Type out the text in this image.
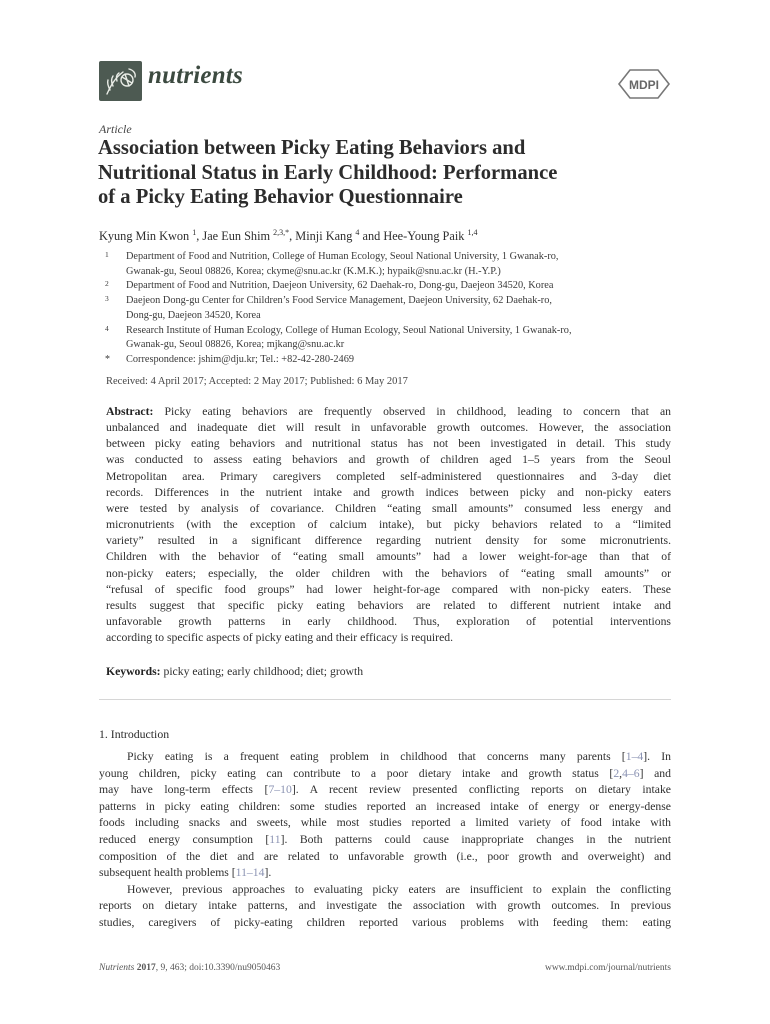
nutrients	MDPI
Article
Association between Picky Eating Behaviors and
Nutritional Status in Early Childhood: Performance
of a Picky Eating Behavior Questionnaire
Kyung Min Kwon $^1$, Jae Eun Shim $^{2,3,*}$, Minji Kang $^4$ and Hee-Young Paik $^{1,4}$
1 Department of Food and Nutrition, College of Human Ecology, Seoul National University, 1 Gwanak-ro,
Gwanak-gu, Seoul 08826, Korea; ckyme@snu.ac.kr (K.M.K.); hypaik@snu.ac.kr (H.-Y.P.)
2 Department of Food and Nutrition, Daejeon University, 62 Daehak-ro, Dong-gu, Daejeon 34520, Korea
3 Daejeon Dong-gu Center for Children’s Food Service Management, Daejeon University, 62 Daehak-ro,
Dong-gu, Daejeon 34520, Korea
4 Research Institute of Human Ecology, College of Human Ecology, Seoul National University, 1 Gwanak-ro,
Gwanak-gu, Seoul 08826, Korea; mjkang@snu.ac.kr
* Correspondence: jshim@dju.kr; Tel.: +82-42-280-2469
Received: 4 April 2017; Accepted: 2 May 2017; Published: 6 May 2017
Abstract: Picky eating behaviors are frequently observed in childhood, leading to concern that an
unbalanced and inadequate diet will result in unfavorable growth outcomes. However, the association
between picky eating behaviors and nutritional status has not been investigated in detail. This study
was conducted to assess eating behaviors and growth of children aged 1–5 years from the Seoul
Metropolitan area. Primary caregivers completed self-administered questionnaires and 3-day diet
records. Differences in the nutrient intake and growth indices between picky and non-picky eaters
were tested by analysis of covariance. Children “eating small amounts” consumed less energy and
micronutrients (with the exception of calcium intake), but picky behaviors related to a “limited
variety” resulted in a significant difference regarding nutrient density for some micronutrients.
Children with the behavior of “eating small amounts” had a lower weight-for-age than that of
non-picky eaters; especially, the older children with the behaviors of “eating small amounts” or
“refusal of specific food groups” had lower height-for-age compared with non-picky eaters. These
results suggest that specific picky eating behaviors are related to different nutrient intake and
unfavorable growth patterns in early childhood. Thus, exploration of potential interventions
according to specific aspects of picky eating and their efficacy is required.
Keywords: picky eating; early childhood; diet; growth
1. Introduction
Picky eating is a frequent eating problem in childhood that concerns many parents [1–4]. In
young children, picky eating can contribute to a poor dietary intake and growth status [2,4–6] and
may have long-term effects [7–10]. A recent review presented conflicting reports on dietary intake
patterns in picky eating children: some studies reported an increased intake of energy or energy-dense
foods including snacks and sweets, while most studies reported a limited variety of food intake with
reduced energy consumption [11]. Both patterns could cause inappropriate changes in the nutrient
composition of the diet and are related to unfavorable growth (i.e., poor growth and overweight) and
subsequent health problems [11–14].
However, previous approaches to evaluating picky eaters are insufficient to explain the conflicting
reports on dietary intake patterns, and investigate the association with growth outcomes. In previous
studies, caregivers of picky-eating children reported various problems with feeding them: eating
Nutrients 2017, 9, 463; doi:10.3390/nu9050463	www.mdpi.com/journal/nutrients
